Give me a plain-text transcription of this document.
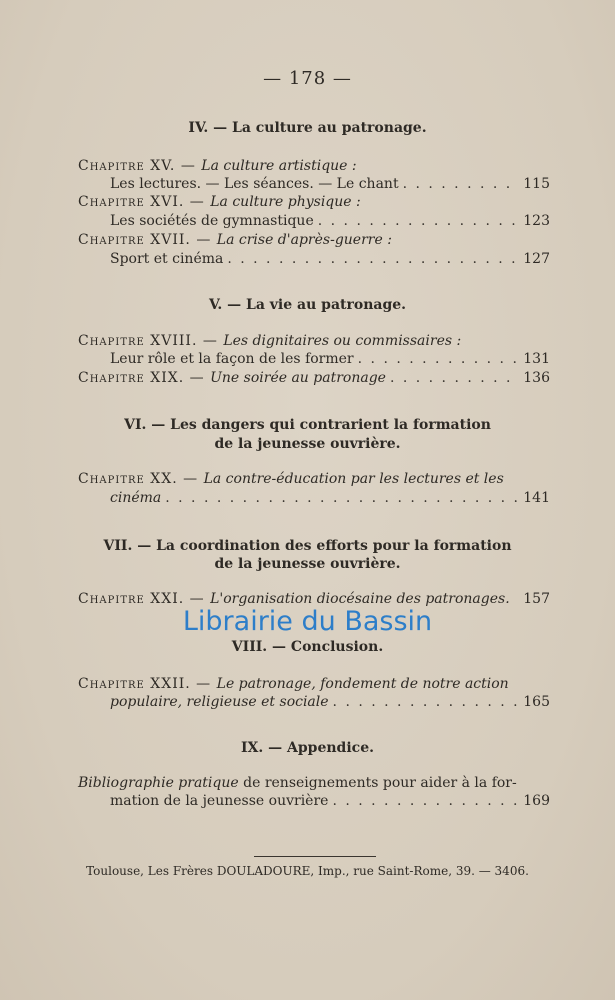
— 178 —
IV. — La culture au patronage.
Chapitre XV. — La culture artistique :
Les lectures. — Les séances. — Le chant . . .	115
Chapitre XVI. — La culture physique :
Les sociétés de gymnastique . . .	123
Chapitre XVII. — La crise d'après-guerre :
Sport et cinéma . . .	127
V. — La vie au patronage.
Chapitre XVIII. — Les dignitaires ou commissaires :
Leur rôle et la façon de les former . . .	131
Chapitre XIX. — Une soirée au patronage . . .	136
VI. — Les dangers qui contrarient la formation
de la jeunesse ouvrière.
Chapitre XX. — La contre-éducation par les lectures et les
cinéma . . .	141
VII. — La coordination des efforts pour la formation
de la jeunesse ouvrière.
Chapitre XXI. — L'organisation diocésaine des patronages. 157
Librairie du Bassin
VIII. — Conclusion.
Chapitre XXII. — Le patronage, fondement de notre action
populaire, religieuse et sociale . . .	165
IX. — Appendice.
Bibliographie pratique de renseignements pour aider à la for-
mation de la jeunesse ouvrière . . .	169
Toulouse, Les Frères DOULADOURE, Imp., rue Saint-Rome, 39. — 3406.
